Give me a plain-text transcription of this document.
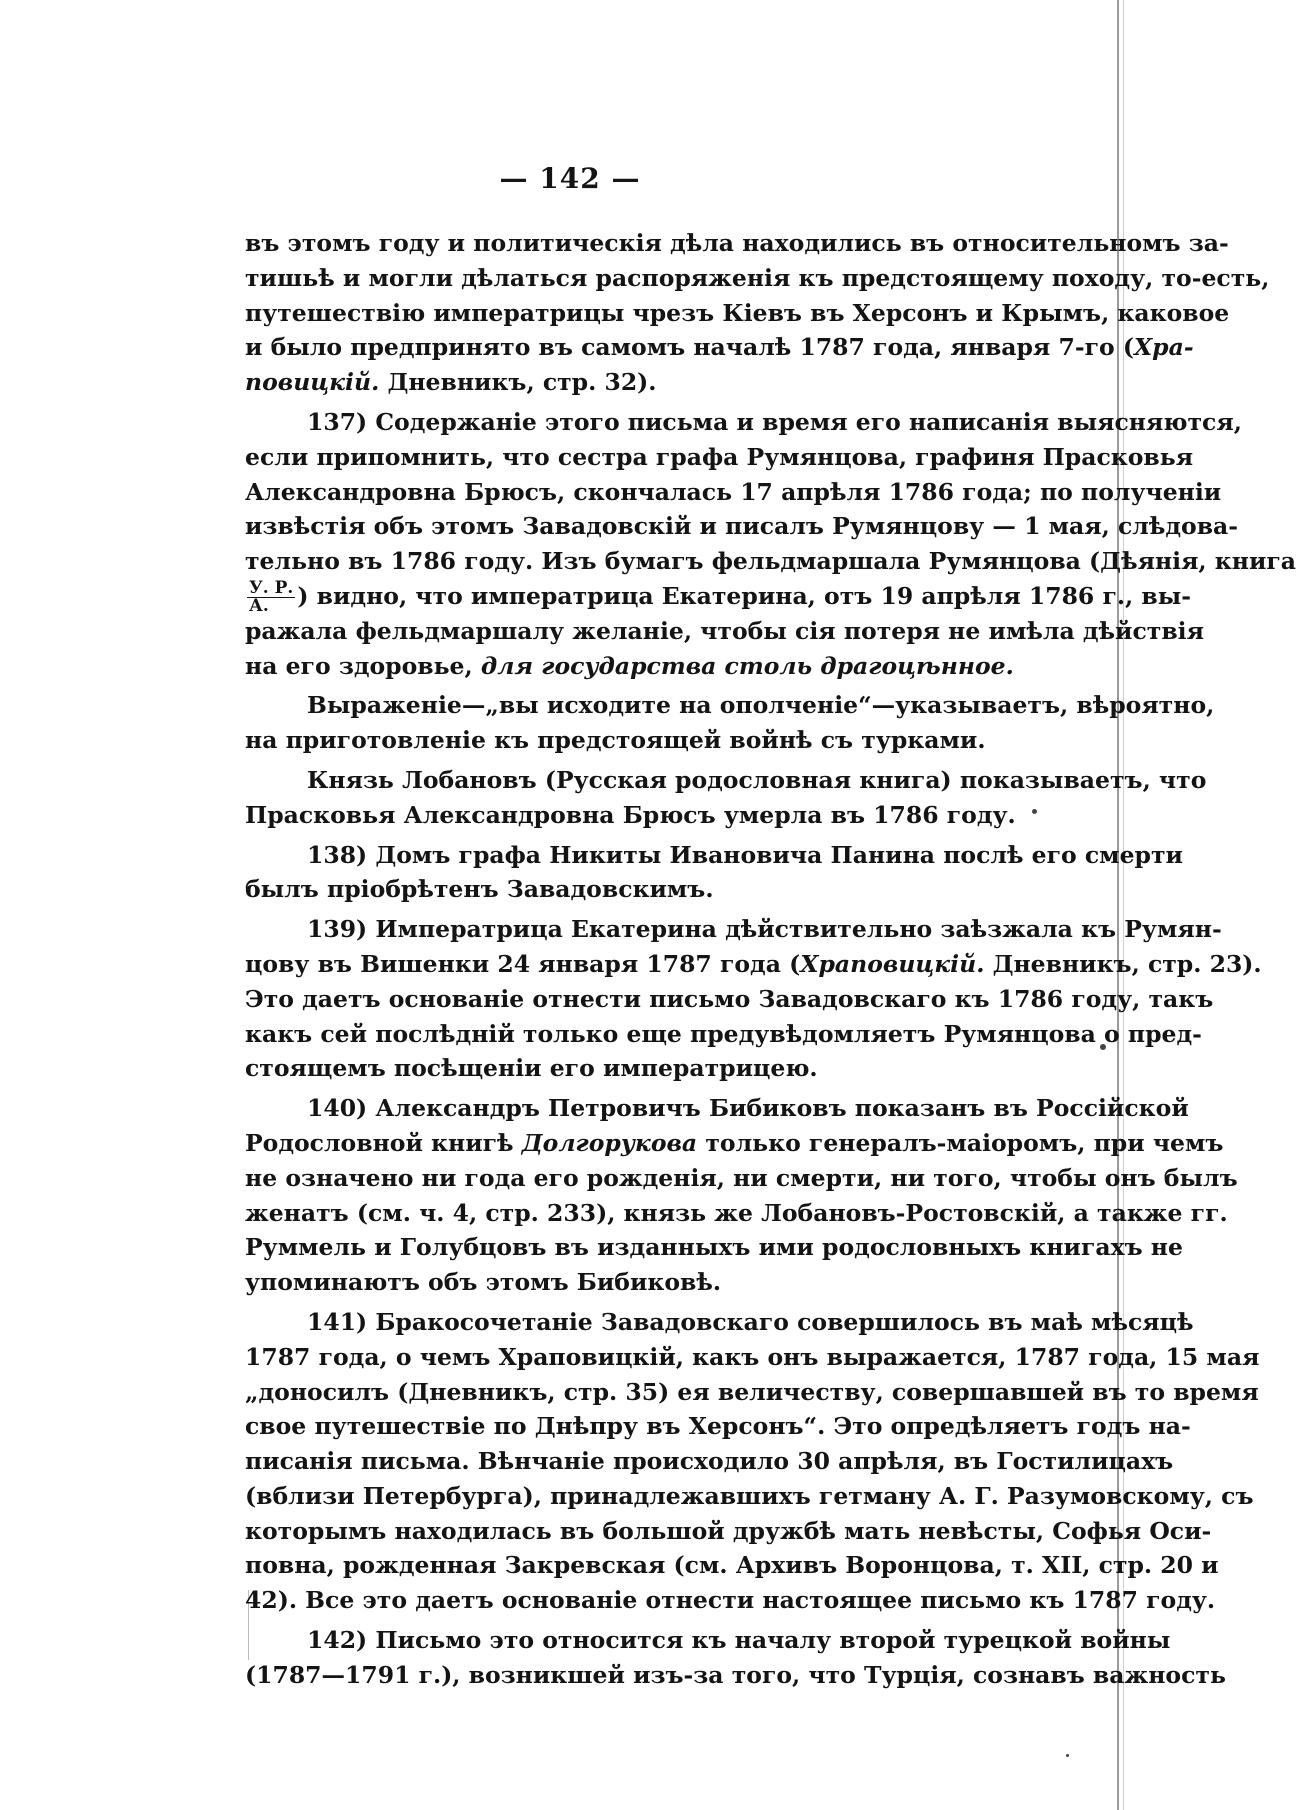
— 142 —
въ этомъ году и политическія дѣла находились въ относительномъ за-
тишьѣ и могли дѣлаться распоряженія къ предстоящему походу, то-есть,
путешествію императрицы чрезъ Кіевъ въ Херсонъ и Крымъ, каковое
и было предпринято въ самомъ началѣ 1787 года, января 7-го (Хра-
повицкій. Дневникъ, стр. 32).
137) Содержаніе этого письма и время его написанія выясняются,
если припомнить, что сестра графа Румянцова, графиня Прасковья
Александровна Брюсъ, скончалась 17 апрѣля 1786 года; по полученіи
извѣстія объ этомъ Завадовскій и писалъ Румянцову — 1 мая, слѣдова-
тельно въ 1786 году. Изъ бумагъ фельдмаршала Румянцова (Дѣянія, книга
$\frac{У. Р.}{А.}$ ) видно, что императрица Екатерина, отъ 19 апрѣля 1786 г., вы-
ражала фельдмаршалу желаніе, чтобы сія потеря не имѣла дѣйствія
на его здоровье, для государства столь драгоцѣнное.
Выраженіе—„вы исходите на ополченіе“—указываетъ, вѣроятно,
на приготовленіе къ предстоящей войнѣ съ турками.
Князь Лобановъ (Русская родословная книга) показываетъ, что
Прасковья Александровна Брюсъ умерла въ 1786 году.
138) Домъ графа Никиты Ивановича Панина послѣ его смерти
былъ пріобрѣтенъ Завадовскимъ.
139) Императрица Екатерина дѣйствительно заѣзжала къ Румян-
цову въ Вишенки 24 января 1787 года (Храповицкій. Дневникъ, стр. 23).
Это даетъ основаніе отнести письмо Завадовскаго къ 1786 году, такъ
какъ сей послѣдній только еще предувѣдомляетъ Румянцова о пред-
стоящемъ посѣщеніи его императрицею.
140) Александръ Петровичъ Бибиковъ показанъ въ Россійской
Родословной книгѣ Долгорукова только генералъ-маіоромъ, при чемъ
не означено ни года его рожденія, ни смерти, ни того, чтобы онъ былъ
женатъ (см. ч. 4, стр. 233), князь же Лобановъ-Ростовскій, а также гг.
Руммель и Голубцовъ въ изданныхъ ими родословныхъ книгахъ не
упоминаютъ объ этомъ Бибиковѣ.
141) Бракосочетаніе Завадовскаго совершилось въ маѣ мѣсяцѣ
1787 года, о чемъ Храповицкій, какъ онъ выражается, 1787 года, 15 мая
„доносилъ (Дневникъ, стр. 35) ея величеству, совершавшей въ то время
свое путешествіе по Днѣпру въ Херсонъ“. Это опредѣляетъ годъ на-
писанія письма. Вѣнчаніе происходило 30 апрѣля, въ Гостилицахъ
(вблизи Петербурга), принадлежавшихъ гетману А. Г. Разумовскому, съ
которымъ находилась въ большой дружбѣ мать невѣсты, Софья Оси-
повна, рожденная Закревская (см. Архивъ Воронцова, т. XII, стр. 20 и
42). Все это даетъ основаніе отнести настоящее письмо къ 1787 году.
142) Письмо это относится къ началу второй турецкой войны
(1787—1791 г.), возникшей изъ-за того, что Турція, сознавъ важность
